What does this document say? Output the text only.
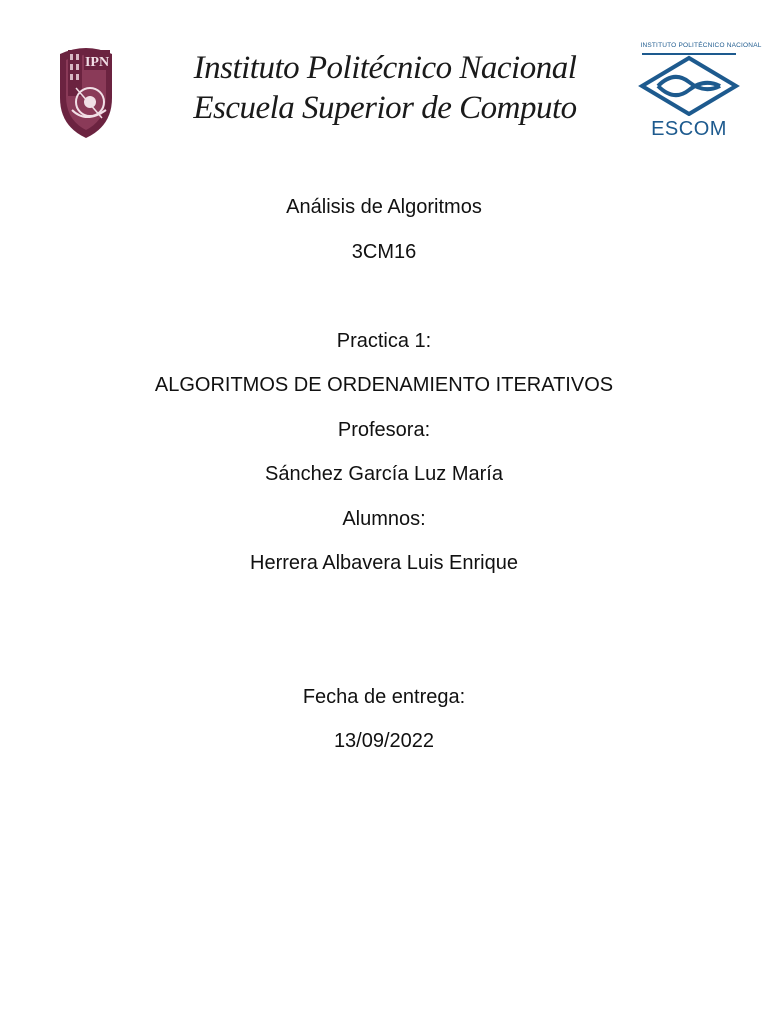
IPN	Instituto Politécnico Nacional
Escuela Superior de Computo
INSTITUTO POLITÉCNICO NACIONAL
ESCOM
Análisis de Algoritmos
3CM16
Practica 1:
ALGORITMOS DE ORDENAMIENTO ITERATIVOS
Profesora:
Sánchez García Luz María
Alumnos:
Herrera Albavera Luis Enrique
Fecha de entrega:
13/09/2022
